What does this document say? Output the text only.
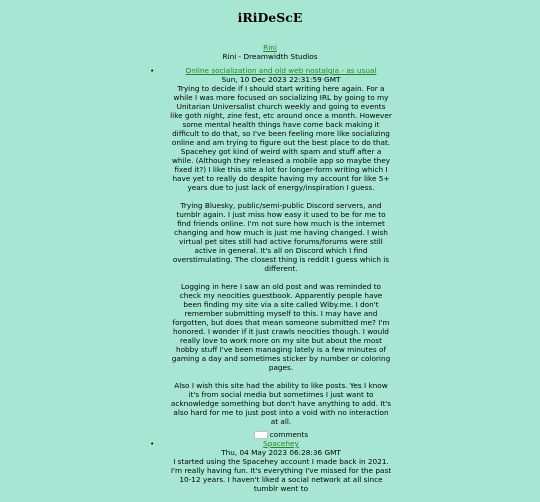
iRiDeScE
Rini
Rini - Dreamwidth Studios
•	Online socialization and old web nostalgia - as usual
Sun, 10 Dec 2023 22:31:59 GMT

Trying to decide if I should start writing here again. For a while I was more focused on socializing IRL by going to my Unitarian Universalist church weekly and going to events like goth night, zine fest, etc around once a month. However some mental health things have come back making it difficult to do that, so I've been feeling more like socializing online and am trying to figure out the best place to do that. Spacehey got kind of weird with spam and stuff after a while. (Although they released a mobile app so maybe they fixed it?) I like this site a lot for longer-form writing which I have yet to really do despite having my account for like 5+ years due to just lack of energy/inspiration I guess.

Trying Bluesky, public/semi-public Discord servers, and tumblr again. I just miss how easy it used to be for me to find friends online. I'm not sure how much is the internet changing and how much is just me having changed. I wish virtual pet sites still had active forums/forums were still active in general. It's all on Discord which I find overstimulating. The closest thing is reddit I guess which is different.

Logging in here I saw an old post and was reminded to check my neocities guestbook. Apparently people have been finding my site via a site called Wiby.me. I don't remember submitting myself to this. I may have and forgotten, but does that mean someone submitted me? I'm honored. I wonder if it just crawls neocities though. I would really love to work more on my site but about the most hobby stuff I've been managing lately is a few minutes of gaming a day and sometimes sticker by number or coloring pages.

Also I wish this site had the ability to like posts. Yes I know it's from social media but sometimes I just want to acknowledge something but don't have anything to add. It's also hard for me to just post into a void with no interaction at all.

comments
•	Spacehey
Thu, 04 May 2023 06:28:36 GMT

I started using the Spacehey account I made back in 2021. I'm really having fun. It's everything I've missed for the past 10-12 years. I haven't liked a social network at all since tumblr went to
